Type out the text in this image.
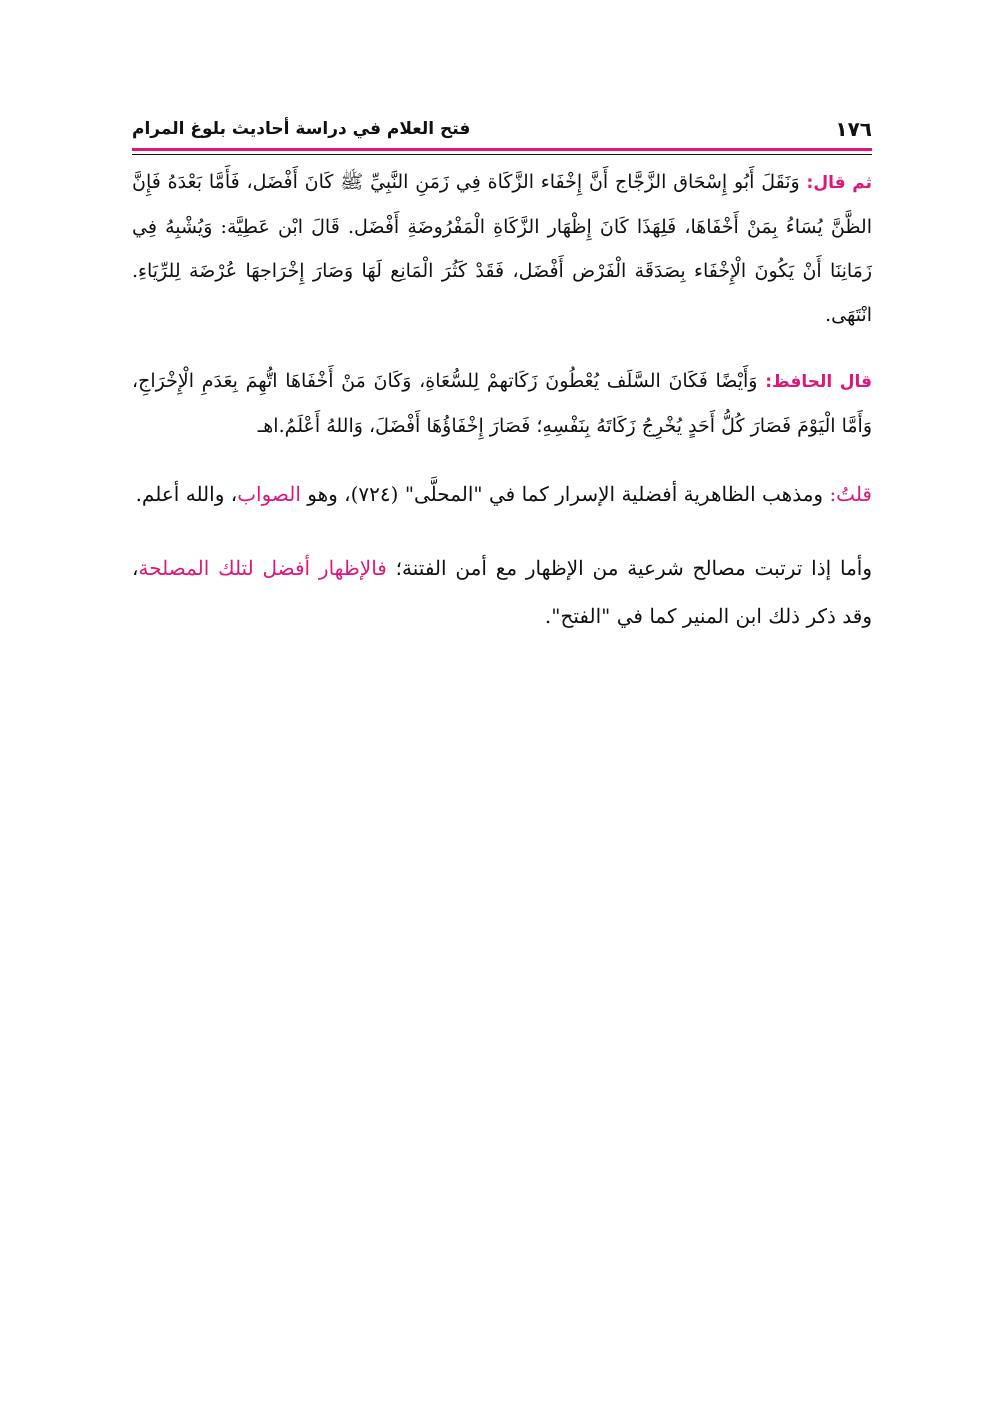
١٧٦
فتح العلام في دراسة أحاديث بلوغ المرام

ثم قال: وَنَقَلَ أَبُو إِسْحَاق الزَّجَّاج أَنَّ إِخْفَاء الزَّكَاة فِي زَمَنِ النَّبِيِّ ﷺ كَانَ أَفْضَل، فَأَمَّا بَعْدَهُ فَإِنَّ الظَّنَّ يُسَاءُ بِمَنْ أَخْفَاهَا، فَلِهَذَا كَانَ إِظْهَار الزَّكَاةِ الْمَفْرُوضَةِ أَفْضَل. قَالَ ابْن عَطِيَّة: وَيُشْبِهُ فِي زَمَانِنَا أَنْ يَكُونَ الْإِخْفَاء بِصَدَقَة الْفَرْض أَفْضَل، فَقَدْ كَثُرَ الْمَانِع لَهَا وَصَارَ إِخْرَاجهَا عُرْضَة لِلرِّيَاءِ. انْتَهَى.

قال الحافظ: وَأَيْضًا فَكَانَ السَّلَف يُعْطُونَ زَكَاتهمْ لِلسُّعَاةِ، وَكَانَ مَنْ أَخْفَاهَا اتُّهِمَ بِعَدَمِ الْإِخْرَاجِ، وَأَمَّا الْيَوْمَ فَصَارَ كُلُّ أَحَدٍ يُخْرِجُ زَكَاتَهُ بِنَفْسِهِ؛ فَصَارَ إِخْفَاؤُهَا أَفْضَلَ، وَاللهُ أَعْلَمُ.اهـ

قلتُ: ومذهب الظاهرية أفضلية الإسرار كما في "المحلَّى" (٧٢٤)، وهو الصواب، والله أعلم.

وأما إذا ترتبت مصالح شرعية من الإظهار مع أمن الفتنة؛ فالإظهار أفضل لتلك المصلحة، وقد ذكر ذلك ابن المنير كما في "الفتح".
